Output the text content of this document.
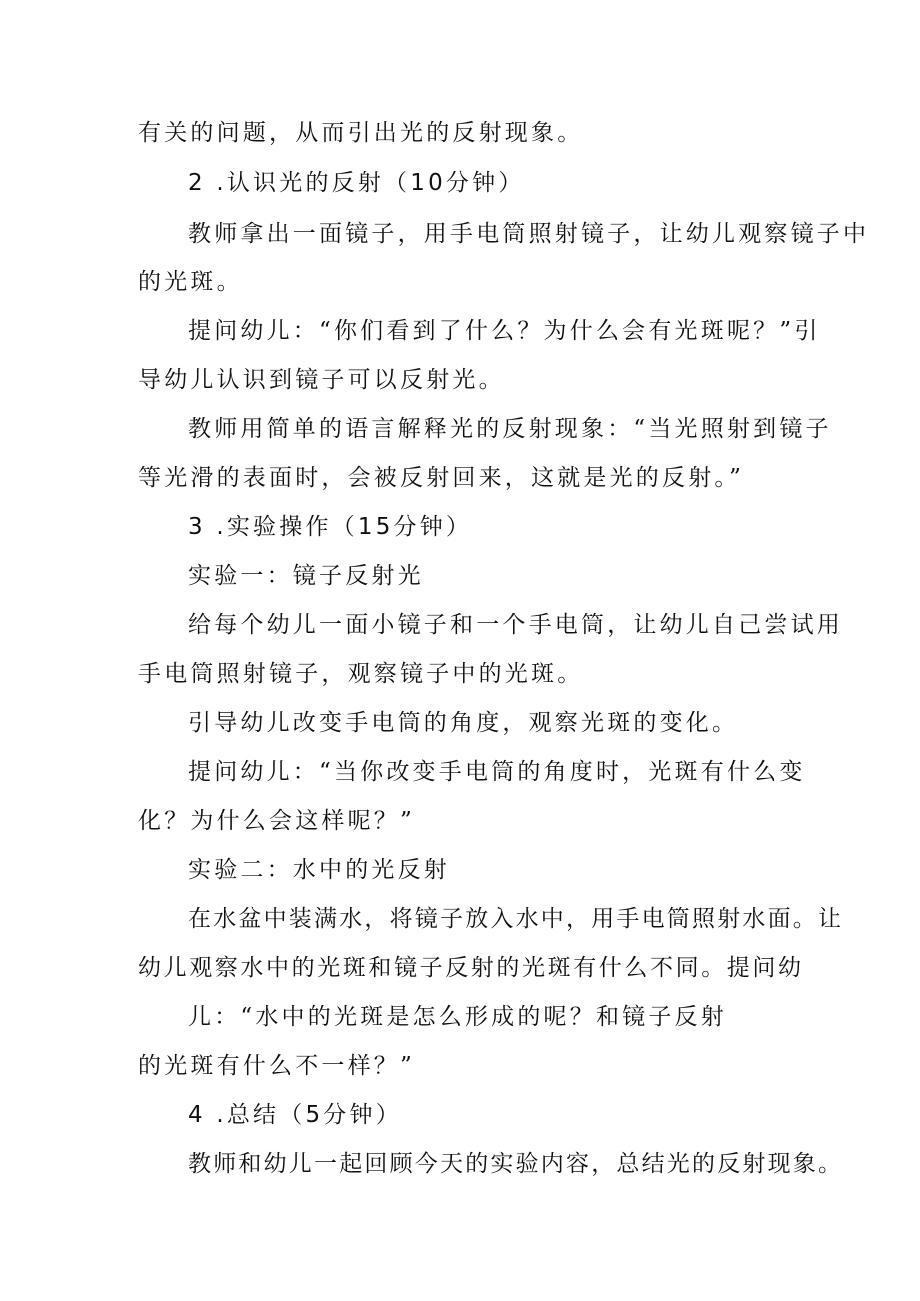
有关的问题，从而引出光的反射现象。
2 .认识光的反射（10分钟）
教师拿出一面镜子，用手电筒照射镜子，让幼儿观察镜子中
的光斑。
提问幼儿：“你们看到了什么？为什么会有光斑呢？”引
导幼儿认识到镜子可以反射光。
教师用简单的语言解释光的反射现象：“当光照射到镜子
等光滑的表面时，会被反射回来，这就是光的反射。”
3 .实验操作（15分钟）
实验一：镜子反射光
给每个幼儿一面小镜子和一个手电筒，让幼儿自己尝试用
手电筒照射镜子，观察镜子中的光斑。
引导幼儿改变手电筒的角度，观察光斑的变化。
提问幼儿：“当你改变手电筒的角度时，光斑有什么变
化？为什么会这样呢？”
实验二：水中的光反射
在水盆中装满水，将镜子放入水中，用手电筒照射水面。让
幼儿观察水中的光斑和镜子反射的光斑有什么不同。提问幼
儿：“水中的光斑是怎么形成的呢？和镜子反射
的光斑有什么不一样？”
4 .总结（5分钟）
教师和幼儿一起回顾今天的实验内容，总结光的反射现象。
